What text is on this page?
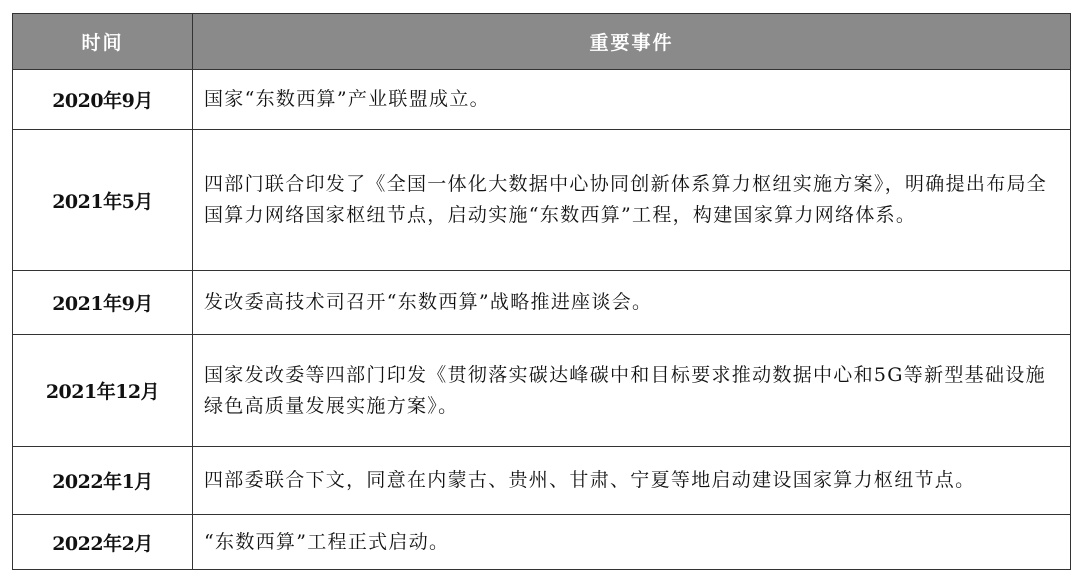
时间	重要事件
2020年9月	国家“东数西算”产业联盟成立。
2021年5月	四部门联合印发了《全国一体化大数据中心协同创新体系算力枢纽实施方案》，明确提出布局全国算力网络国家枢纽节点，启动实施“东数西算”工程，构建国家算力网络体系。
2021年9月	发改委高技术司召开“东数西算”战略推进座谈会。
2021年12月	国家发改委等四部门印发《贯彻落实碳达峰碳中和目标要求推动数据中心和5G等新型基础设施绿色高质量发展实施方案》。
2022年1月	四部委联合下文，同意在内蒙古、贵州、甘肃、宁夏等地启动建设国家算力枢纽节点。
2022年2月	“东数西算”工程正式启动。
